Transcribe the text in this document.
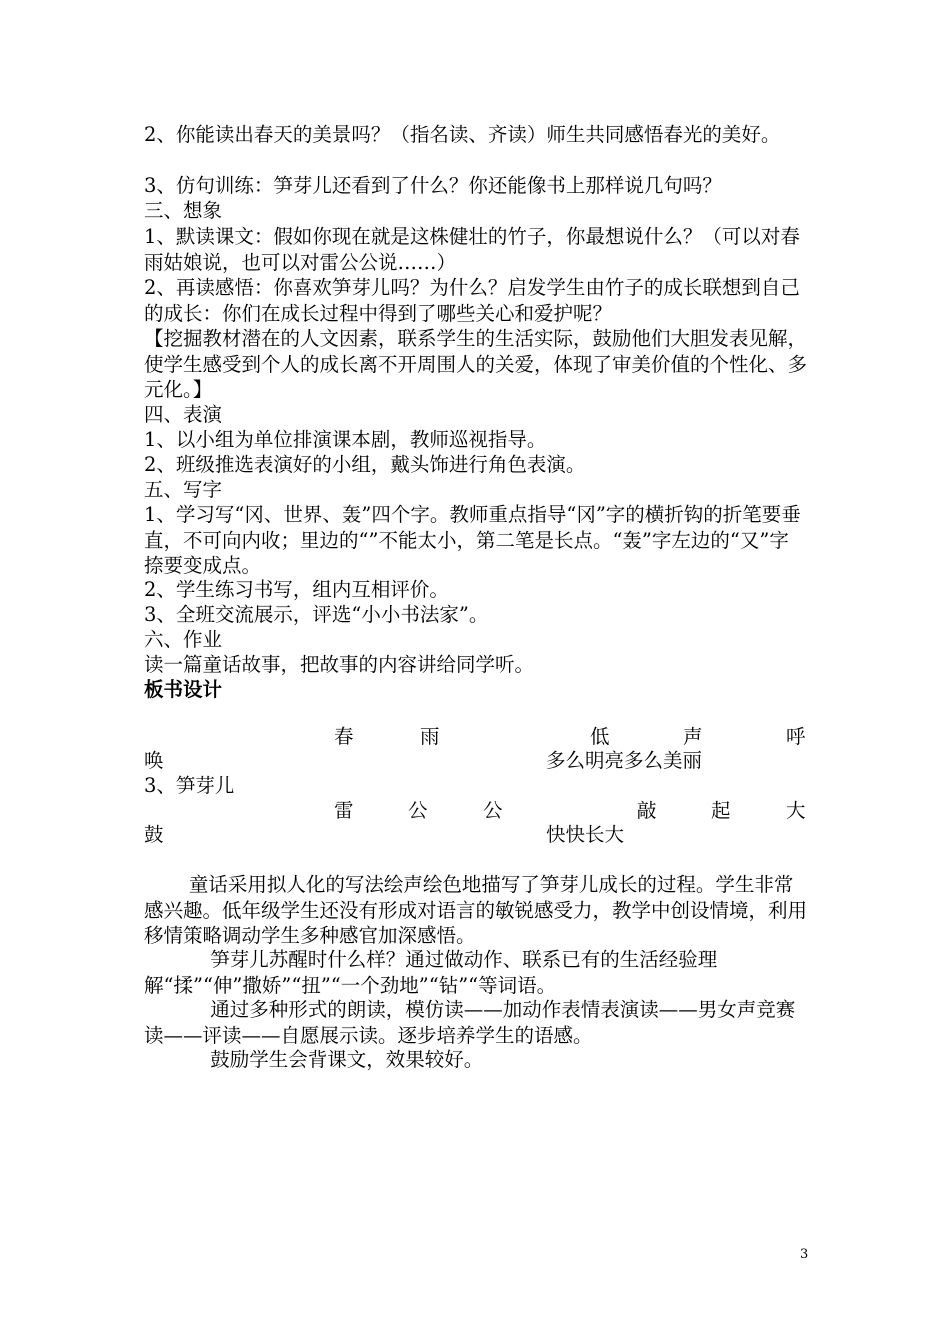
2、你能读出春天的美景吗？（指名读、齐读）师生共同感悟春光的美好。

3、仿句训练：笋芽儿还看到了什么？你还能像书上那样说几句吗？

三、想象

1、默读课文：假如你现在就是这株健壮的竹子，你最想说什么？（可以对春雨姑娘说，也可以对雷公公说……）

2、再读感悟：你喜欢笋芽儿吗？为什么？启发学生由竹子的成长联想到自己的成长：你们在成长过程中得到了哪些关心和爱护呢？

【挖掘教材潜在的人文因素，联系学生的生活实际，鼓励他们大胆发表见解，使学生感受到个人的成长离不开周围人的关爱，体现了审美价值的个性化、多元化。】

四、表演

1、以小组为单位排演课本剧，教师巡视指导。

2、班级推选表演好的小组，戴头饰进行角色表演。

五、写字

1、学习写“冈、世界、轰”四个字。教师重点指导“冈”字的横折钩的折笔要垂直，不可向内收；里边的“”不能太小，第二笔是长点。“轰”字左边的“又”字捺要变成点。

2、学生练习书写，组内互相评价。

3、全班交流展示，评选“小小书法家”。

六、作业

读一篇童话故事，把故事的内容讲给同学听。

板书设计
春	雨	低	声	呼
唤	多么明亮多么美丽
3、笋芽儿
雷	公	公	敲	起	大
鼓	快快长大

童话采用拟人化的写法绘声绘色地描写了笋芽儿成长的过程。学生非常感兴趣。低年级学生还没有形成对语言的敏锐感受力，教学中创设情境，利用移情策略调动学生多种感官加深感悟。

笋芽儿苏醒时什么样？通过做动作、联系已有的生活经验理解“揉”“伸”撒娇”“扭”“一个劲地”“钻”“等词语。

通过多种形式的朗读，模仿读——加动作表情表演读——男女声竞赛读——评读——自愿展示读。逐步培养学生的语感。

鼓励学生会背课文，效果较好。

3
